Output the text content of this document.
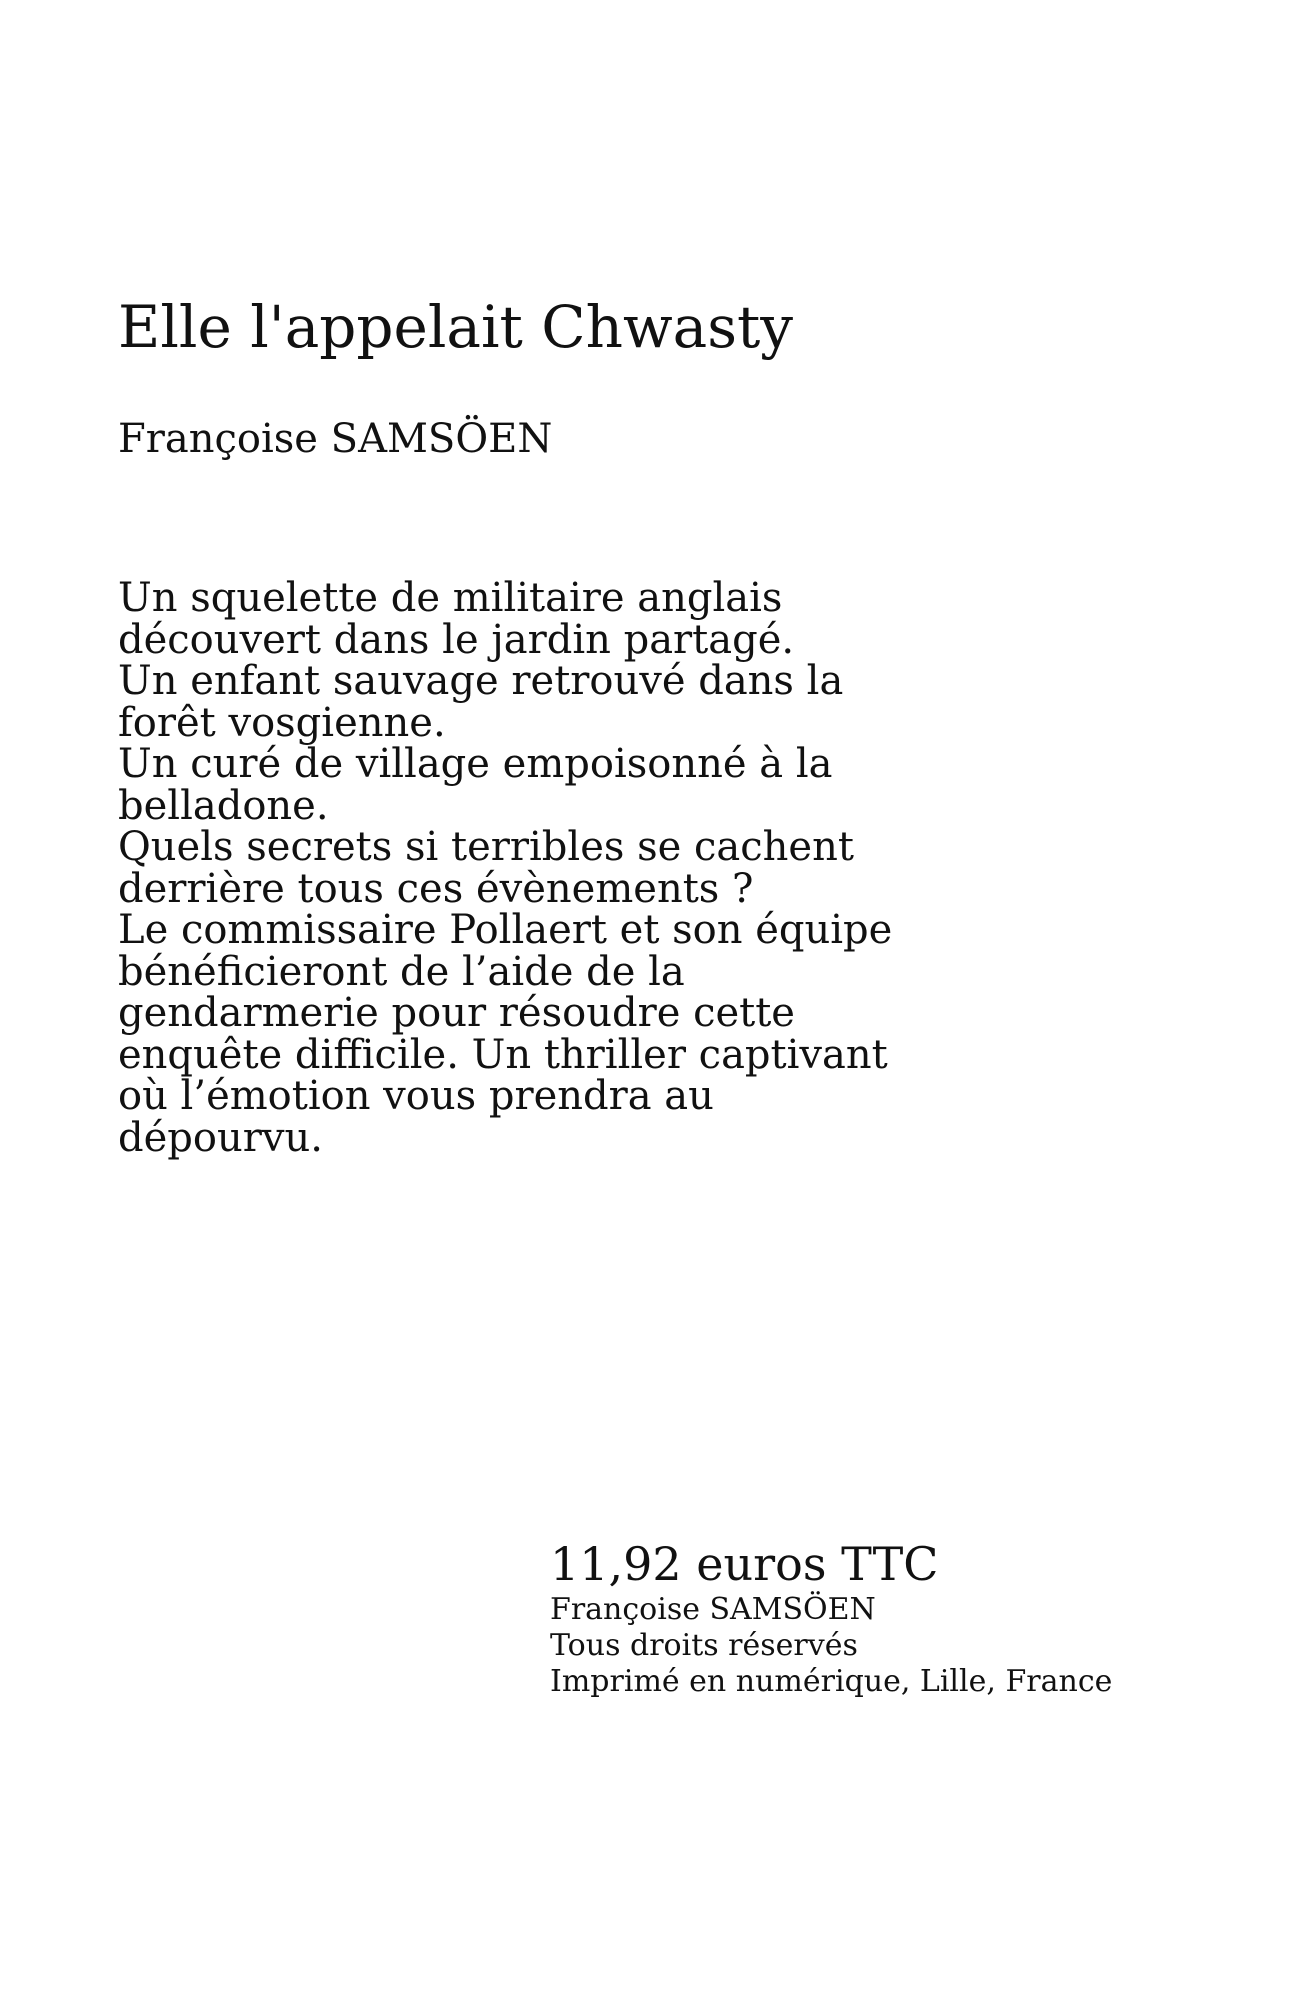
Elle l'appelait Chwasty

Françoise SAMSÖEN

Un squelette de militaire anglais
découvert dans le jardin partagé.
Un enfant sauvage retrouvé dans la
forêt vosgienne.
Un curé de village empoisonné à la
belladone.
Quels secrets si terribles se cachent
derrière tous ces évènements ?
Le commissaire Pollaert et son équipe
bénéficieront de l’aide de la
gendarmerie pour résoudre cette
enquête difficile. Un thriller captivant
où l’émotion vous prendra au
dépourvu.

11,92 euros TTC
Françoise SAMSÖEN
Tous droits réservés
Imprimé en numérique, Lille, France
